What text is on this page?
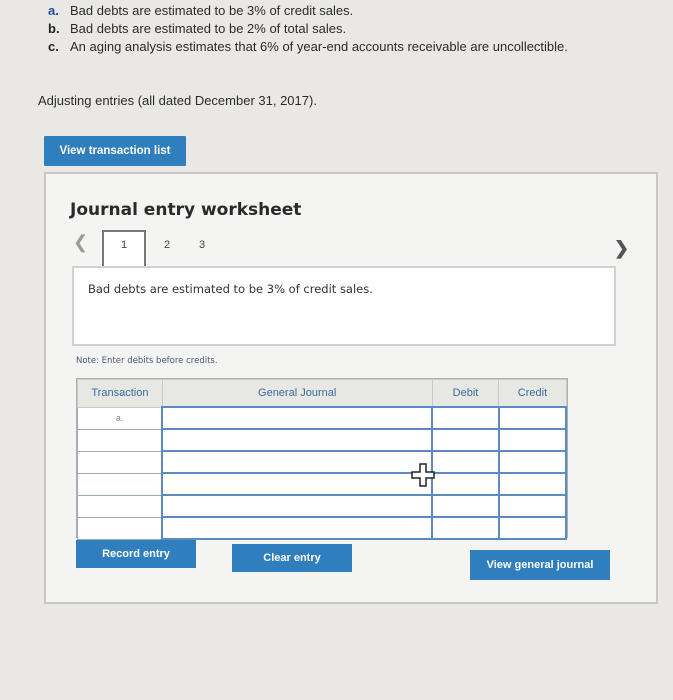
a. Bad debts are estimated to be 3% of credit sales.
b. Bad debts are estimated to be 2% of total sales.
c. An aging analysis estimates that 6% of year-end accounts receivable are uncollectible.
Adjusting entries (all dated December 31, 2017).
View transaction list
Journal entry worksheet
❮	1	2	3	❯
Bad debts are estimated to be 3% of credit sales.
Note: Enter debits before credits.
Transaction	General Journal	Debit	Credit
a.			

Record entry	Clear entry
View general journal
